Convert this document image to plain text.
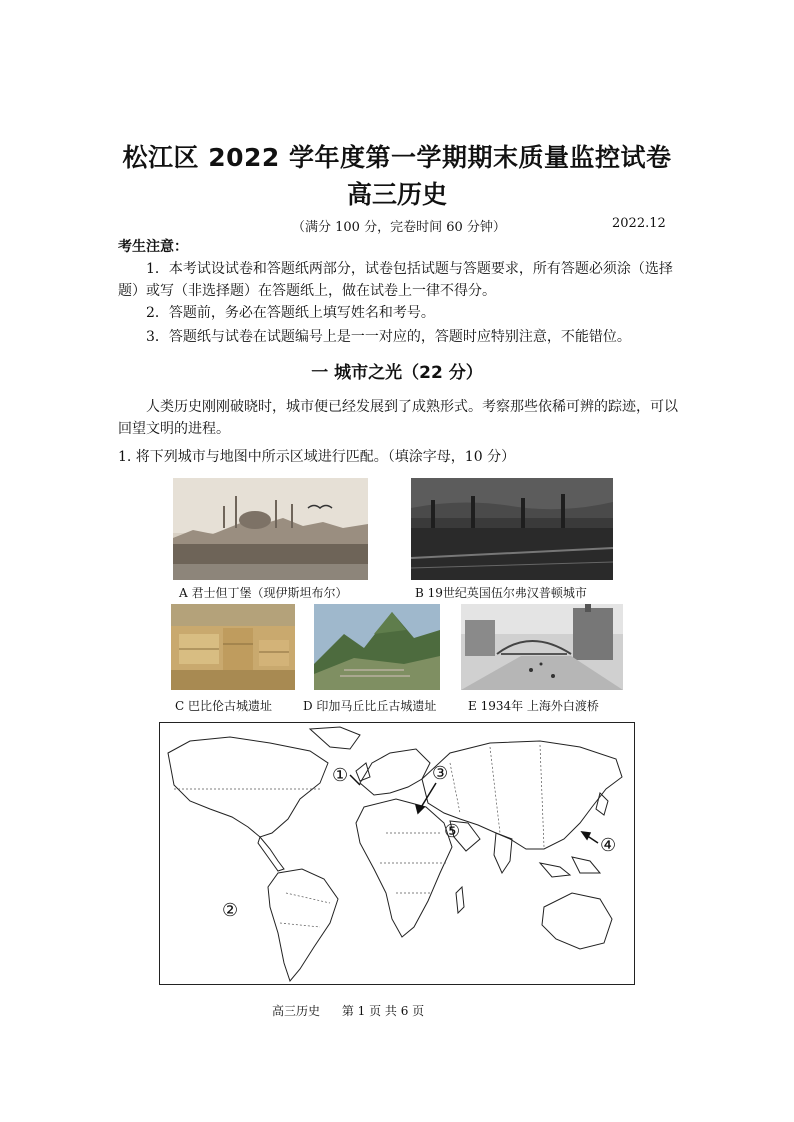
松江区 2022 学年度第一学期期末质量监控试卷
高三历史
（满分 100 分，完卷时间 60 分钟）	2022.12
考生注意：
1．本考试设试卷和答题纸两部分，试卷包括试题与答题要求，所有答题必须涂（选择题）或写（非选择题）在答题纸上，做在试卷上一律不得分。
2．答题前，务必在答题纸上填写姓名和考号。
3．答题纸与试卷在试题编号上是一一对应的，答题时应特别注意，不能错位。
一 城市之光（22 分）
人类历史刚刚破晓时，城市便已经发展到了成熟形式。考察那些依稀可辨的踪迹，可以回望文明的进程。
1. 将下列城市与地图中所示区域进行匹配。（填涂字母，10 分）
A 君士但丁堡（现伊斯坦布尔）	B 19世纪英国伍尔弗汉普顿城市
C 巴比伦古城遗址	D 印加马丘比丘古城遗址	E 1934年 上海外白渡桥
①
②
③
④
⑤
高三历史 第 1 页 共 6 页
